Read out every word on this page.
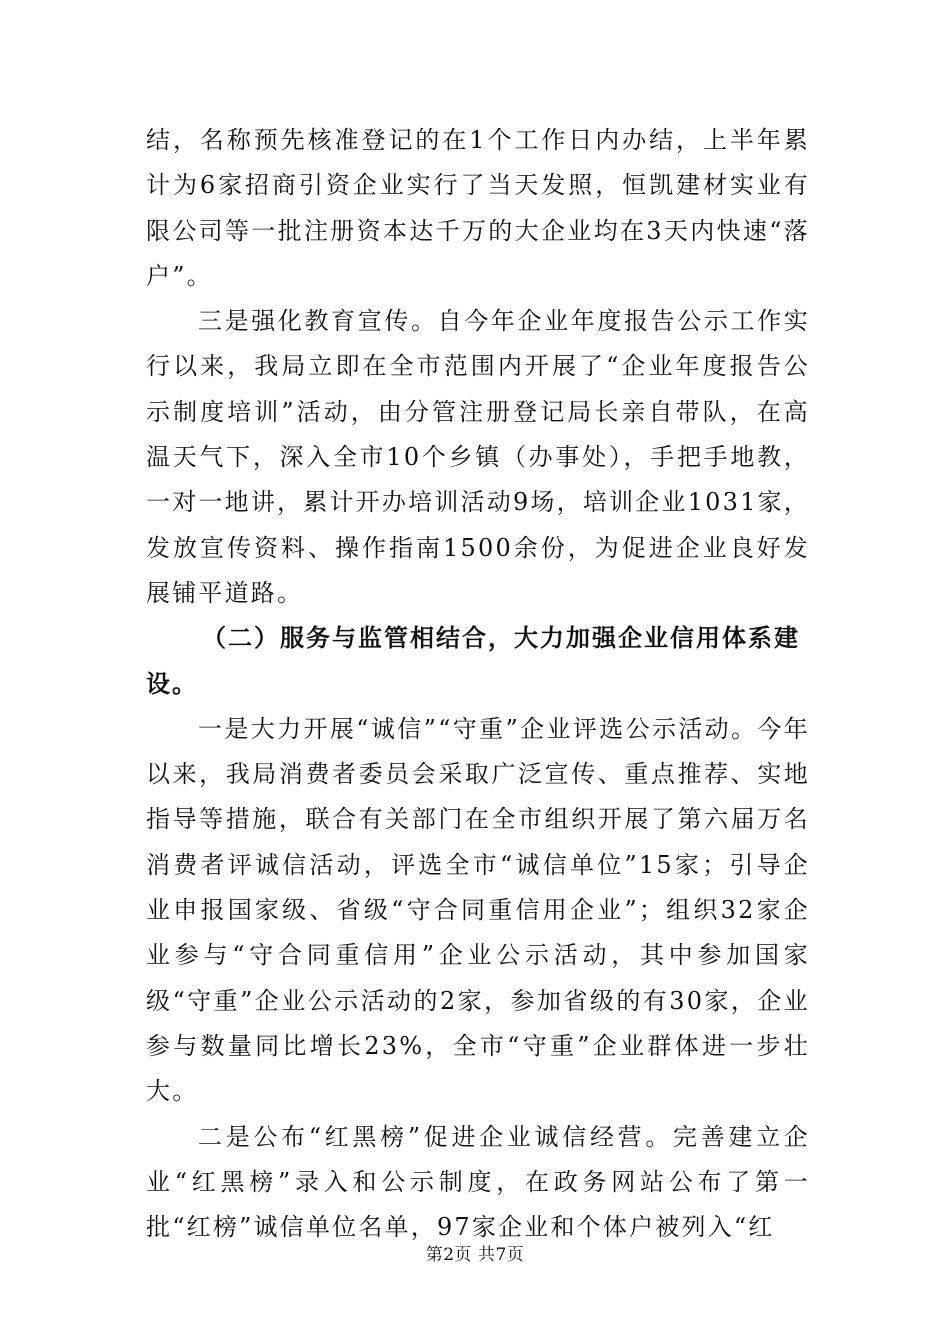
结，名称预先核准登记的在1个工作日内办结，上半年累计为6家招商引资企业实行了当天发照，恒凯建材实业有限公司等一批注册资本达千万的大企业均在3天内快速“落户”。

三是强化教育宣传。自今年企业年度报告公示工作实行以来，我局立即在全市范围内开展了“企业年度报告公示制度培训”活动，由分管注册登记局长亲自带队，在高温天气下，深入全市10个乡镇（办事处），手把手地教，一对一地讲，累计开办培训活动9场，培训企业1031家，发放宣传资料、操作指南1500余份，为促进企业良好发展铺平道路。

（二）服务与监管相结合，大力加强企业信用体系建设。

一是大力开展“诚信”“守重”企业评选公示活动。今年以来，我局消费者委员会采取广泛宣传、重点推荐、实地指导等措施，联合有关部门在全市组织开展了第六届万名消费者评诚信活动，评选全市“诚信单位”15家；引导企业申报国家级、省级“守合同重信用企业”；组织32家企业参与“守合同重信用”企业公示活动，其中参加国家级“守重”企业公示活动的2家，参加省级的有30家，企业参与数量同比增长23%，全市“守重”企业群体进一步壮大。

二是公布“红黑榜”促进企业诚信经营。完善建立企业“红黑榜”录入和公示制度，在政务网站公布了第一批“红榜”诚信单位名单，97家企业和个体户被列入“红

第2页 共7页
